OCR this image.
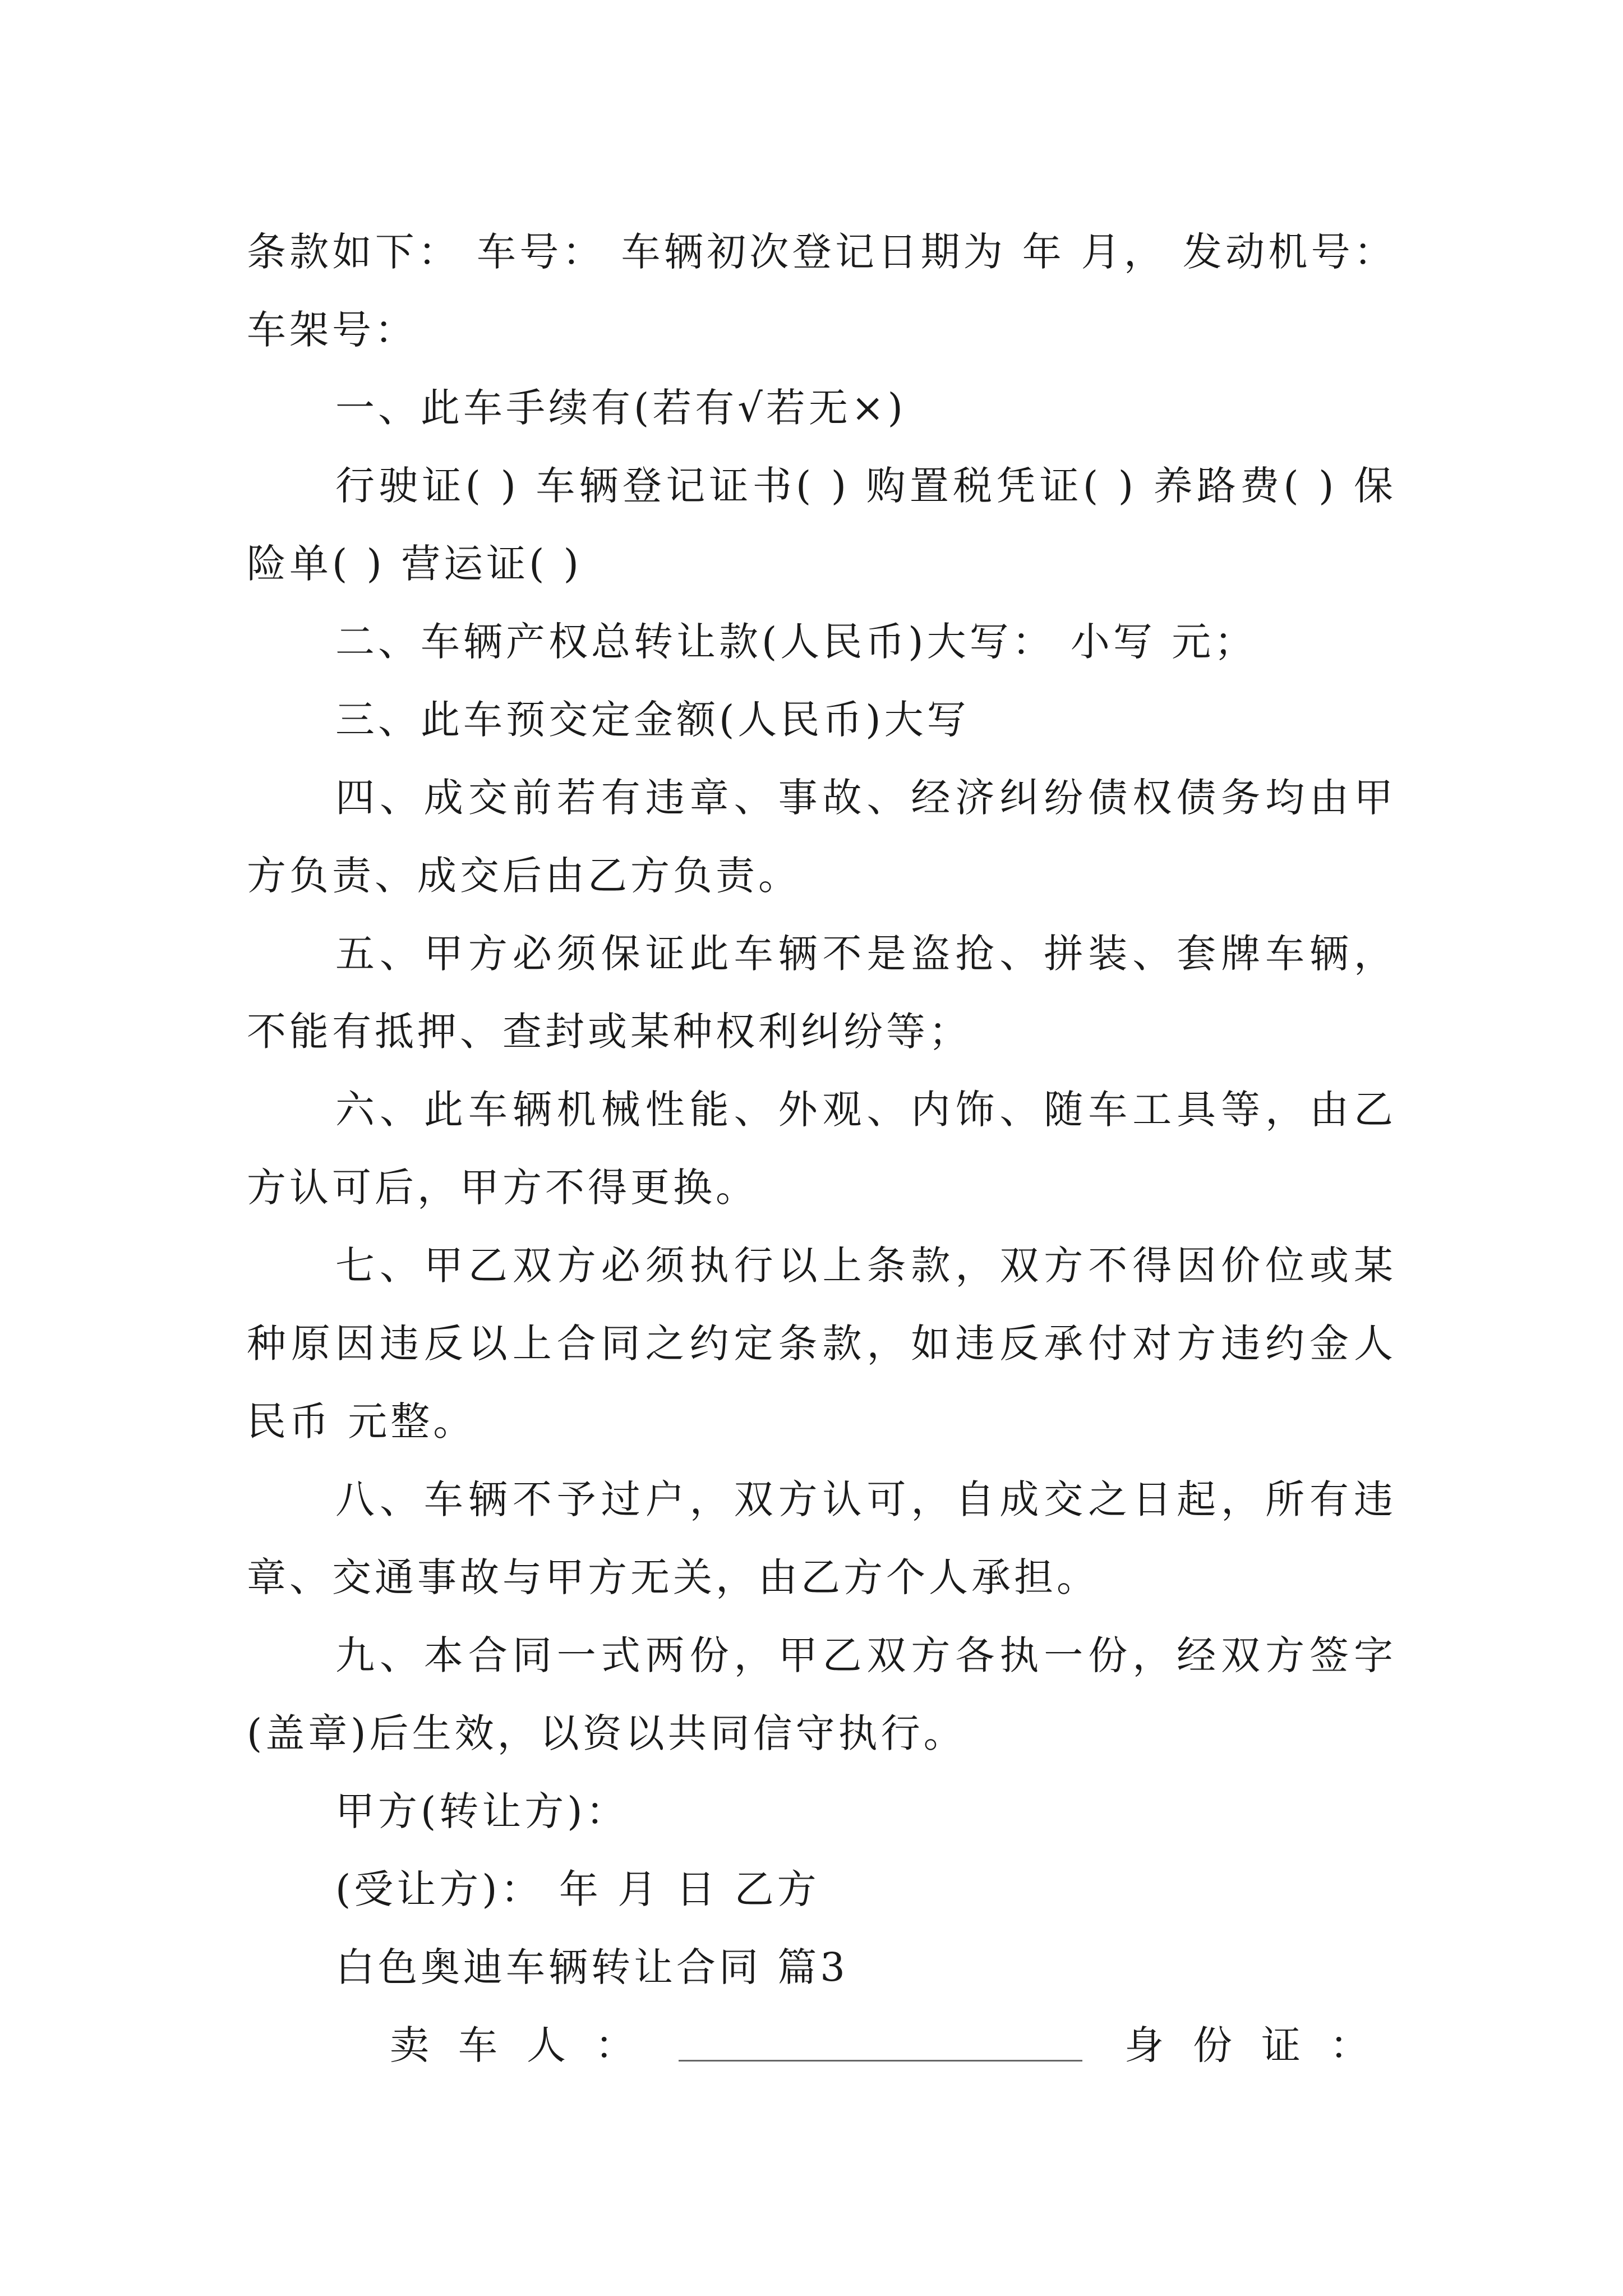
条款如下： 车号： 车辆初次登记日期为 年 月， 发动机号： 车架号：

一、此车手续有(若有√若无×)

行驶证( ) 车辆登记证书( ) 购置税凭证( ) 养路费( ) 保险单( ) 营运证( )

二、车辆产权总转让款(人民币)大写： 小写 元；

三、此车预交定金额(人民币)大写

四、成交前若有违章、事故、经济纠纷债权债务均由甲方负责、成交后由乙方负责。

五、甲方必须保证此车辆不是盗抢、拼装、套牌车辆，不能有抵押、查封或某种权利纠纷等；

六、此车辆机械性能、外观、内饰、随车工具等，由乙方认可后，甲方不得更换。

七、甲乙双方必须执行以上条款，双方不得因价位或某种原因违反以上合同之约定条款，如违反承付对方违约金人民币 元整。

八、车辆不予过户，双方认可，自成交之日起，所有违章、交通事故与甲方无关，由乙方个人承担。

九、本合同一式两份，甲乙双方各执一份，经双方签字(盖章)后生效，以资以共同信守执行。

甲方(转让方)：

(受让方)： 年 月 日 乙方

白色奥迪车辆转让合同 篇3

卖车人：	身份证：
